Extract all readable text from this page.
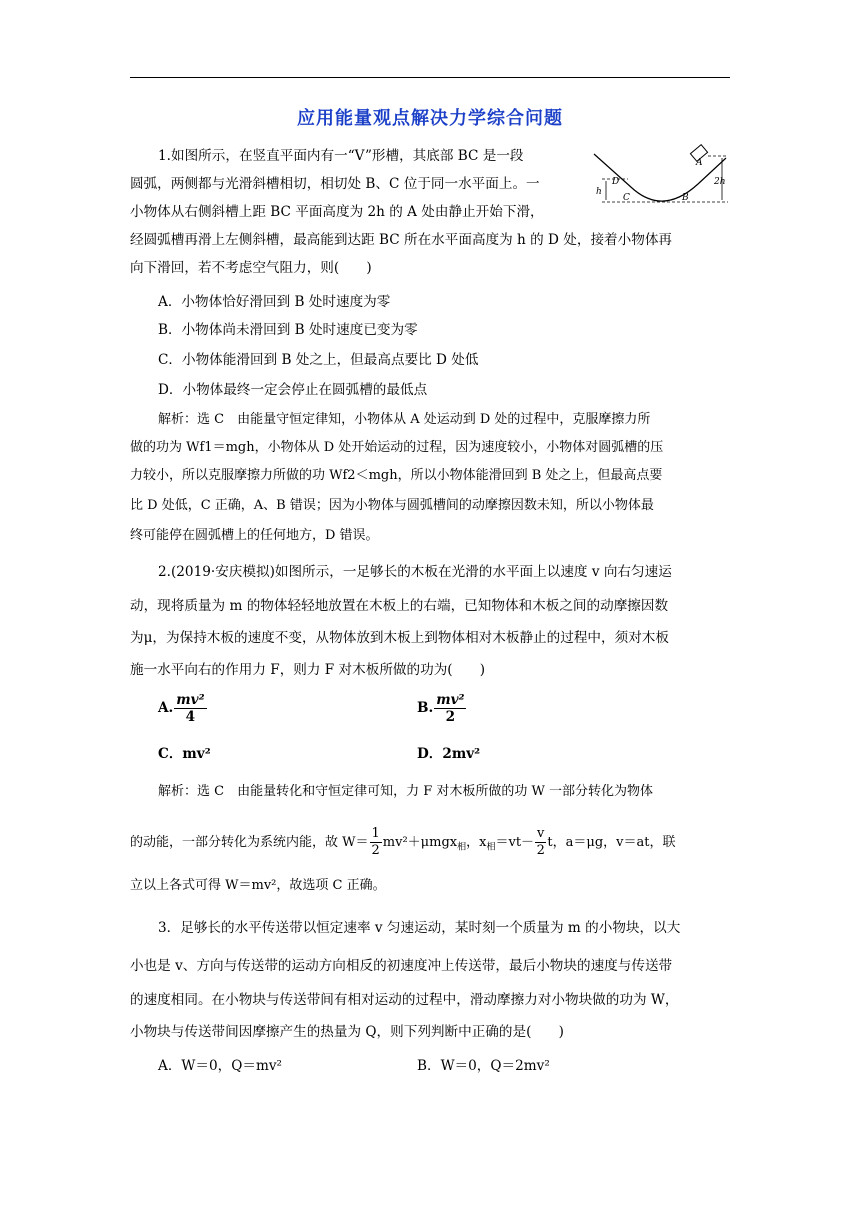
应用能量观点解决力学综合问题
1.如图所示，在竖直平面内有一“V”形槽，其底部 BC 是一段
圆弧，两侧都与光滑斜槽相切，相切处 B、C 位于同一水平面上。一
小物体从右侧斜槽上距 BC 平面高度为 2h 的 A 处由静止开始下滑，
经圆弧槽再滑上左侧斜槽，最高能到达距 BC 所在水平面高度为 h 的 D 处，接着小物体再
向下滑回，若不考虑空气阻力，则(　　)
A．小物体恰好滑回到 B 处时速度为零
B．小物体尚未滑回到 B 处时速度已变为零
C．小物体能滑回到 B 处之上，但最高点要比 D 处低
D．小物体最终一定会停止在圆弧槽的最低点
解析：选 C　由能量守恒定律知，小物体从 A 处运动到 D 处的过程中，克服摩擦力所
做的功为 Wf1＝mgh，小物体从 D 处开始运动的过程，因为速度较小，小物体对圆弧槽的压
力较小，所以克服摩擦力所做的功 Wf2＜mgh，所以小物体能滑回到 B 处之上，但最高点要
比 D 处低，C 正确，A、B 错误；因为小物体与圆弧槽间的动摩擦因数未知，所以小物体最
终可能停在圆弧槽上的任何地方，D 错误。
A
D
C	B
h
2h
2.(2019·安庆模拟)如图所示，一足够长的木板在光滑的水平面上以速度 v 向右匀速运
动，现将质量为 m 的物体轻轻地放置在木板上的右端，已知物体和木板之间的动摩擦因数
为μ，为保持木板的速度不变，从物体放到木板上到物体相对木板静止的过程中，须对木板
施一水平向右的作用力 F，则力 F 对木板所做的功为(　　)
A. $\frac{\text{mv²}}{4}$	B. $\frac{\text{mv²}}{2}$
C．mv²	D．2mv²
解析：选 C　由能量转化和守恒定律可知，力 F 对木板所做的功 W 一部分转化为物体
的动能，一部分转化为系统内能，故 $W= \frac{1}{2} mv^2+\mu mgx_相$，$x_相=vt- \frac{v}{2}$ t，a＝μg，v＝at，联
立以上各式可得 W＝mv²，故选项 C 正确。
3．足够长的水平传送带以恒定速率 v 匀速运动，某时刻一个质量为 m 的小物块，以大
小也是 v、方向与传送带的运动方向相反的初速度冲上传送带，最后小物块的速度与传送带
的速度相同。在小物块与传送带间有相对运动的过程中，滑动摩擦力对小物块做的功为 W，
小物块与传送带间因摩擦产生的热量为 Q，则下列判断中正确的是(　　)
A．W＝0，Q＝mv²	B．W＝0，Q＝2mv²
